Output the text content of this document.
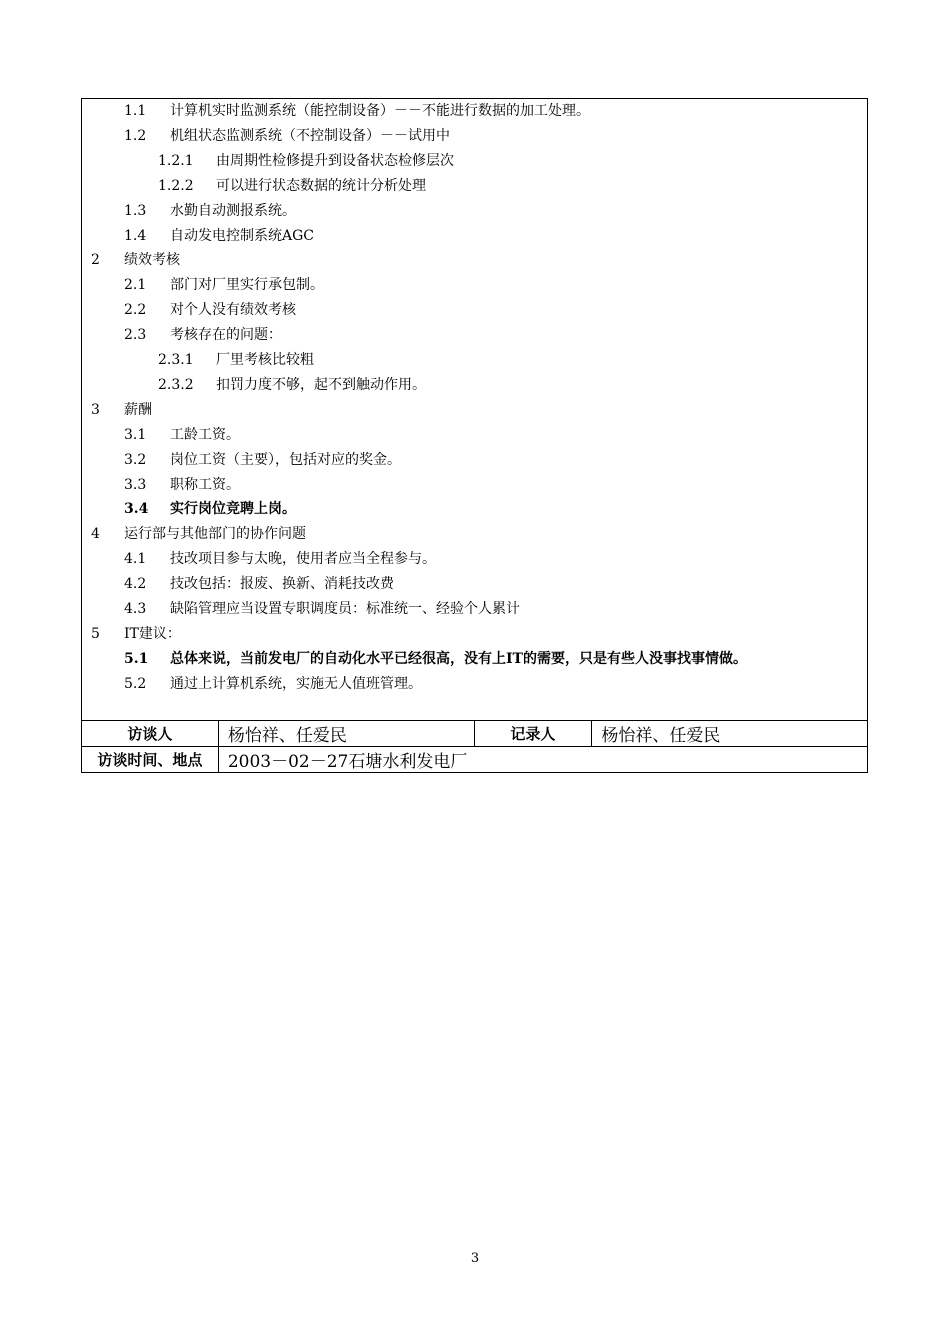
1.1 计算机实时监测系统（能控制设备）－－不能进行数据的加工处理。
1.2 机组状态监测系统（不控制设备）－－试用中
1.2.1 由周期性检修提升到设备状态检修层次
1.2.2 可以进行状态数据的统计分析处理
1.3 水勤自动测报系统。
1.4 自动发电控制系统AGC
2 绩效考核
2.1 部门对厂里实行承包制。
2.2 对个人没有绩效考核
2.3 考核存在的问题：
2.3.1 厂里考核比较粗
2.3.2 扣罚力度不够，起不到触动作用。
3 薪酬
3.1 工龄工资。
3.2 岗位工资（主要），包括对应的奖金。
3.3 职称工资。
3.4 实行岗位竞聘上岗。
4 运行部与其他部门的协作问题
4.1 技改项目参与太晚，使用者应当全程参与。
4.2 技改包括：报废、换新、消耗技改费
4.3 缺陷管理应当设置专职调度员：标准统一、经验个人累计
5 IT建议：
5.1 总体来说，当前发电厂的自动化水平已经很高，没有上IT的需要，只是有些人没事找事情做。
5.2 通过上计算机系统，实施无人值班管理。
访谈人	杨怡祥、任爱民	记录人	杨怡祥、任爱民
访谈时间、地点	2003－02－27石塘水利发电厂		
3
